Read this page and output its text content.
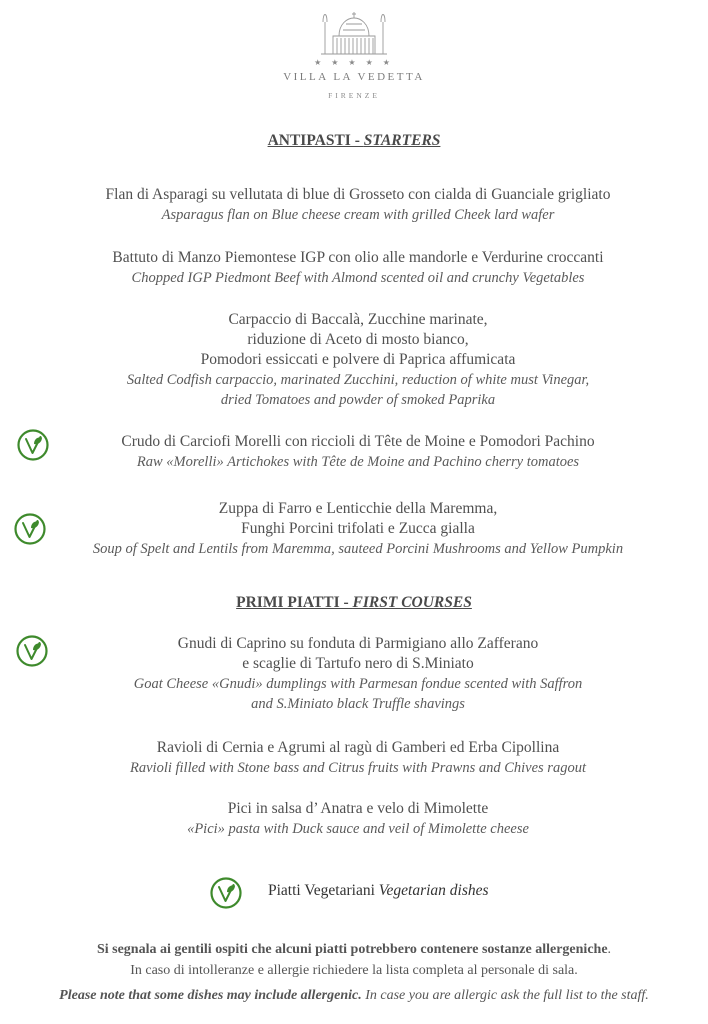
★ ★ ★ ★ ★
VILLA LA VEDETTA
FIRENZE
ANTIPASTI - STARTERS
Flan di Asparagi su vellutata di blue di Grosseto con cialda di Guanciale grigliato
Asparagus flan on Blue cheese cream with grilled Cheek lard wafer
Battuto di Manzo Piemontese IGP con olio alle mandorle e Verdurine croccanti
Chopped IGP Piedmont Beef with Almond scented oil and crunchy Vegetables
Carpaccio di Baccalà, Zucchine marinate,
riduzione di Aceto di mosto bianco,
Pomodori essiccati e polvere di Paprica affumicata
Salted Codfish carpaccio, marinated Zucchini, reduction of white must Vinegar,
dried Tomatoes and powder of smoked Paprika
Crudo di Carciofi Morelli con riccioli di Tête de Moine e Pomodori Pachino
Raw «Morelli» Artichokes with Tête de Moine and Pachino cherry tomatoes
Zuppa di Farro e Lenticchie della Maremma,
Funghi Porcini trifolati e Zucca gialla
Soup of Spelt and Lentils from Maremma, sauteed Porcini Mushrooms and Yellow Pumpkin
PRIMI PIATTI - FIRST COURSES
Gnudi di Caprino su fonduta di Parmigiano allo Zafferano
e scaglie di Tartufo nero di S.Miniato
Goat Cheese «Gnudi» dumplings with Parmesan fondue scented with Saffron
and S.Miniato black Truffle shavings
Ravioli di Cernia e Agrumi al ragù di Gamberi ed Erba Cipollina
Ravioli filled with Stone bass and Citrus fruits with Prawns and Chives ragout
Pici in salsa d’ Anatra e velo di Mimolette
«Pici» pasta with Duck sauce and veil of Mimolette cheese
Piatti Vegetariani Vegetarian dishes
Si segnala ai gentili ospiti che alcuni piatti potrebbero contenere sostanze allergeniche.
In caso di intolleranze e allergie richiedere la lista completa al personale di sala.
Please note that some dishes may include allergenic. In case you are allergic ask the full list to the staff.
